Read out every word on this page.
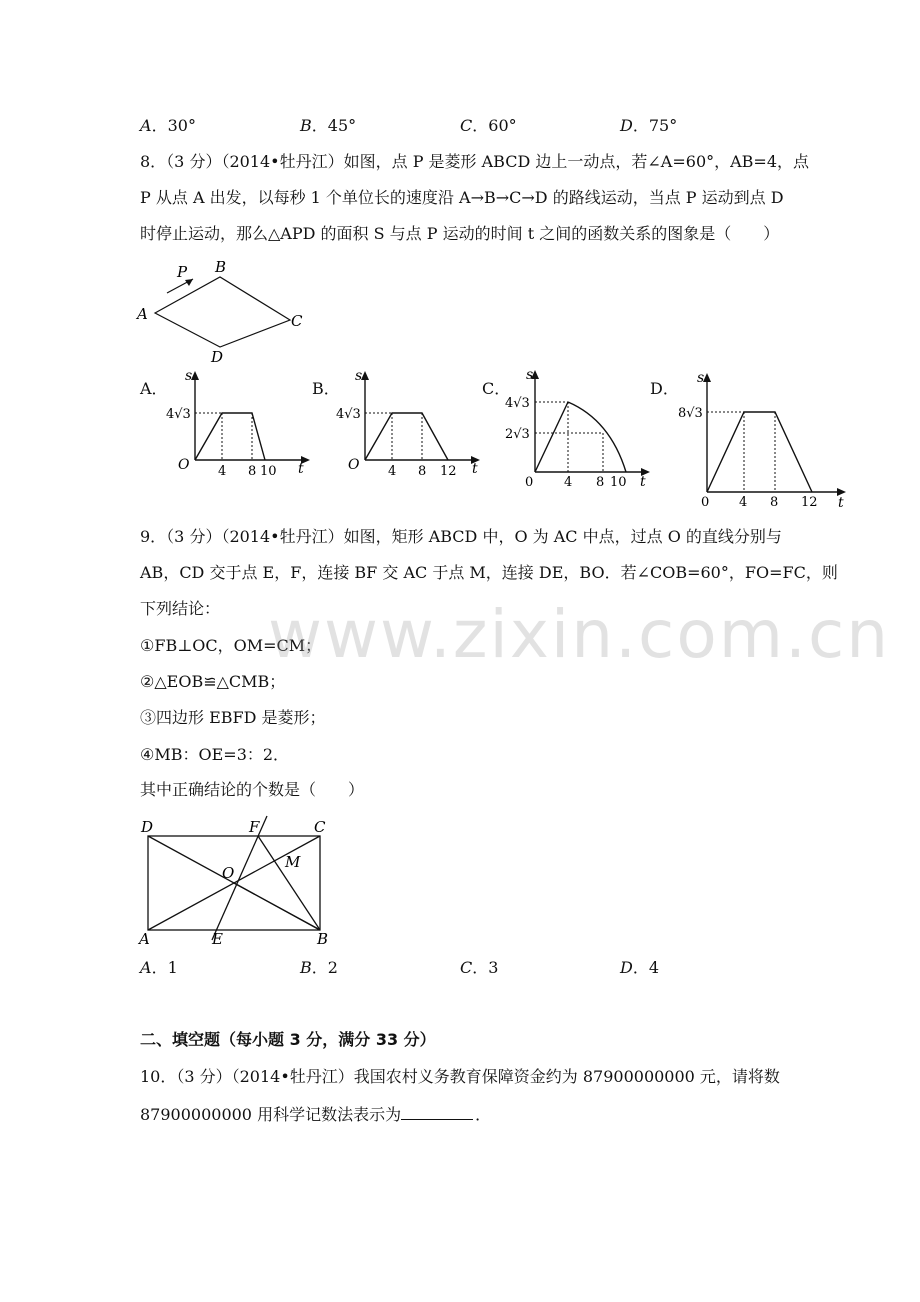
A．30°	B．45°	C．60°	D．75°
8．（3 分）（2014•牡丹江）如图，点 P 是菱形 ABCD 边上一动点，若∠A=60°，AB=4，点
P 从点 A 出发，以每秒 1 个单位长的速度沿 A→B→C→D 的路线运动，当点 P 运动到点 D
时停止运动，那么△APD 的面积 S 与点 P 运动的时间 t 之间的函数关系的图象是（　　）
A
B
C
D
P
A．	B．	C．	D．
s
t
O
4√3
4 8 10
s
t
O
4√3
4 8 12
s
t
0
4√3
2√3
4 8 10
s
t
0
8√3
4 8 12
9．（3 分）（2014•牡丹江）如图，矩形 ABCD 中，O 为 AC 中点，过点 O 的直线分别与
AB，CD 交于点 E，F，连接 BF 交 AC 于点 M，连接 DE，BO．若∠COB=60°，FO=FC，则
下列结论：
①FB⊥OC，OM=CM；
②△EOB≌△CMB；
③四边形 EBFD 是菱形；
④MB：OE=3：2．
其中正确结论的个数是（　　）
www.zixin.com.cn
D	F	C
O
M
A	E	B
A．1	B．2	C．3	D．4
二、填空题（每小题 3 分，满分 33 分）
10．（3 分）（2014•牡丹江）我国农村义务教育保障资金约为 87900000000 元，请将数
87900000000 用科学记数法表示为	．
